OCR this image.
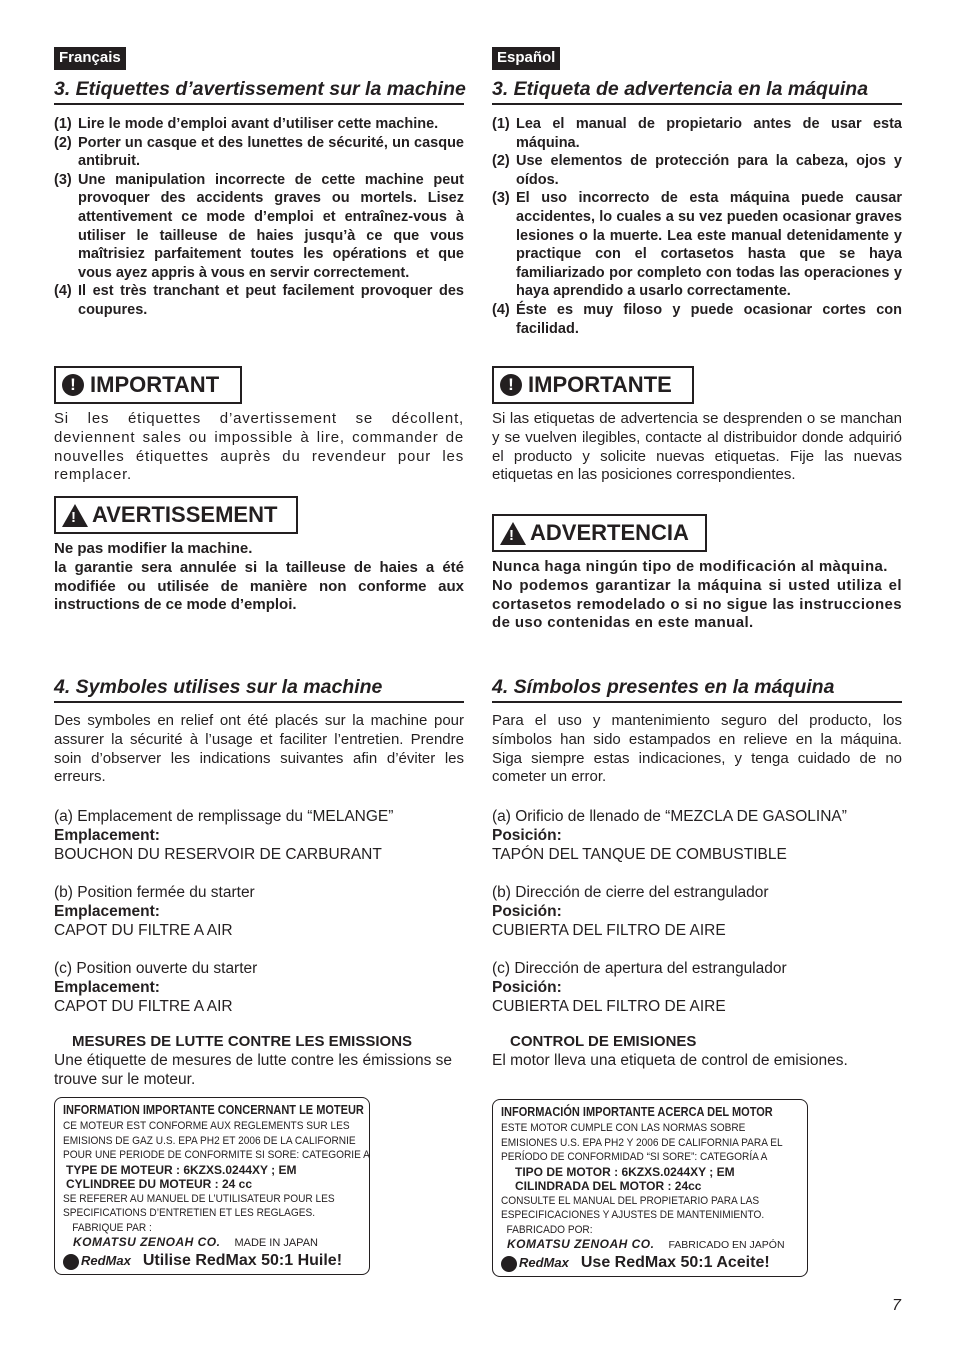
Français
3. Etiquettes d’avertissement sur la machine
(1) Lire le mode d’emploi avant d’utiliser cette machine.
(2) Porter un casque et des lunettes de sécurité, un casque antibruit.
(3) Une manipulation incorrecte de cette machine peut provoquer des accidents graves ou mortels. Lisez attentivement ce mode d’emploi et entraînez-vous à utiliser le tailleuse de haies jusqu’à ce que vous maîtrisiez parfaitement toutes les opérations et que vous ayez appris à vous en servir correctement.
(4) Il est très tranchant et peut facilement provoquer des coupures.
! IMPORTANT
Si les étiquettes d’avertissement se décollent, deviennent sales ou impossible à lire, commander de nouvelles étiquettes auprès du revendeur pour les remplacer.
! AVERTISSEMENT
Ne pas modifier la machine.
la garantie sera annulée si la tailleuse de haies a été modifiée ou utilisée de manière non conforme aux instructions de ce mode d’emploi.
4. Symboles utilises sur la machine
Des symboles en relief ont été placés sur la machine pour assurer la sécurité à l’usage et faciliter l’entretien. Prendre soin d’observer les indications suivantes afin d’éviter les erreurs.
(a) Emplacement de remplissage du “MELANGE”
Emplacement:
BOUCHON DU RESERVOIR DE CARBURANT
(b) Position fermée du starter
Emplacement:
CAPOT DU FILTRE A AIR
(c) Position ouverte du starter
Emplacement:
CAPOT DU FILTRE A AIR
MESURES DE LUTTE CONTRE LES EMISSIONS
Une étiquette de mesures de lutte contre les émissions se trouve sur le moteur.
INFORMATION IMPORTANTE CONCERNANT LE MOTEUR
CE MOTEUR EST CONFORME AUX REGLEMENTS SUR LES
EMISIONS DE GAZ U.S. EPA PH2 ET 2006 DE LA CALIFORNIE
POUR UNE PERIODE DE CONFORMITE SI SORE: CATEGORIE A
TYPE DE MOTEUR : 6KZXS.0244XY ; EM
CYLINDREE DU MOTEUR : 24 cc
SE REFERER AU MANUEL DE L’UTILISATEUR POUR LES
SPECIFICATIONS D’ENTRETIEN ET LES REGLAGES.
FABRIQUE PAR :
KOMATSU ZENOAH CO. MADE IN JAPAN
RedMax Utilise RedMax 50:1 Huile!
Español
3. Etiqueta de advertencia en la máquina
(1) Lea el manual de propietario antes de usar esta máquina.
(2) Use elementos de protección para la cabeza, ojos y oídos.
(3) El uso incorrecto de esta máquina puede causar accidentes, lo cuales a su vez pueden ocasionar graves lesiones o la muerte. Lea este manual detenidamente y practique con el cortasetos hasta que se haya familiarizado por completo con todas las operaciones y haya aprendido a usarlo correctamente.
(4) Éste es muy filoso y puede ocasionar cortes con facilidad.
! IMPORTANTE
Si las etiquetas de advertencia se desprenden o se manchan y se vuelven ilegibles, contacte al distribuidor donde adquirió el producto y solicite nuevas etiquetas. Fije las nuevas etiquetas en las posiciones correspondientes.
! ADVERTENCIA
Nunca haga ningún tipo de modificación al màquina.
No podemos garantizar la máquina si usted utiliza el cortasetos remodelado o si no sigue las instrucciones de uso contenidas en este manual.
4. Símbolos presentes en la máquina
Para el uso y mantenimiento seguro del producto, los símbolos han sido estampados en relieve en la máquina. Siga siempre estas indicaciones, y tenga cuidado de no cometer un error.
(a) Orificio de llenado de “MEZCLA DE GASOLINA”
Posición:
TAPÓN DEL TANQUE DE COMBUSTIBLE
(b) Dirección de cierre del estrangulador
Posición:
CUBIERTA DEL FILTRO DE AIRE
(c) Dirección de apertura del estrangulador
Posición:
CUBIERTA DEL FILTRO DE AIRE
CONTROL DE EMISIONES
El motor lleva una etiqueta de control de emisiones.
INFORMACIÓN IMPORTANTE ACERCA DEL MOTOR
ESTE MOTOR CUMPLE CON LAS NORMAS SOBRE
EMISIONES U.S. EPA PH2 Y 2006 DE CALIFORNIA PARA EL
PERÍODO DE CONFORMIDAD “SI SORE”: CATEGORÍA A
TIPO DE MOTOR : 6KZXS.0244XY ; EM
CILINDRADA DEL MOTOR : 24cc
CONSULTE EL MANUAL DEL PROPIETARIO PARA LAS
ESPECIFICACIONES Y AJUSTES DE MANTENIMIENTO.
FABRICADO POR:
KOMATSU ZENOAH CO. FABRICADO EN JAPÓN
RedMax Use RedMax 50:1 Aceite!
7
